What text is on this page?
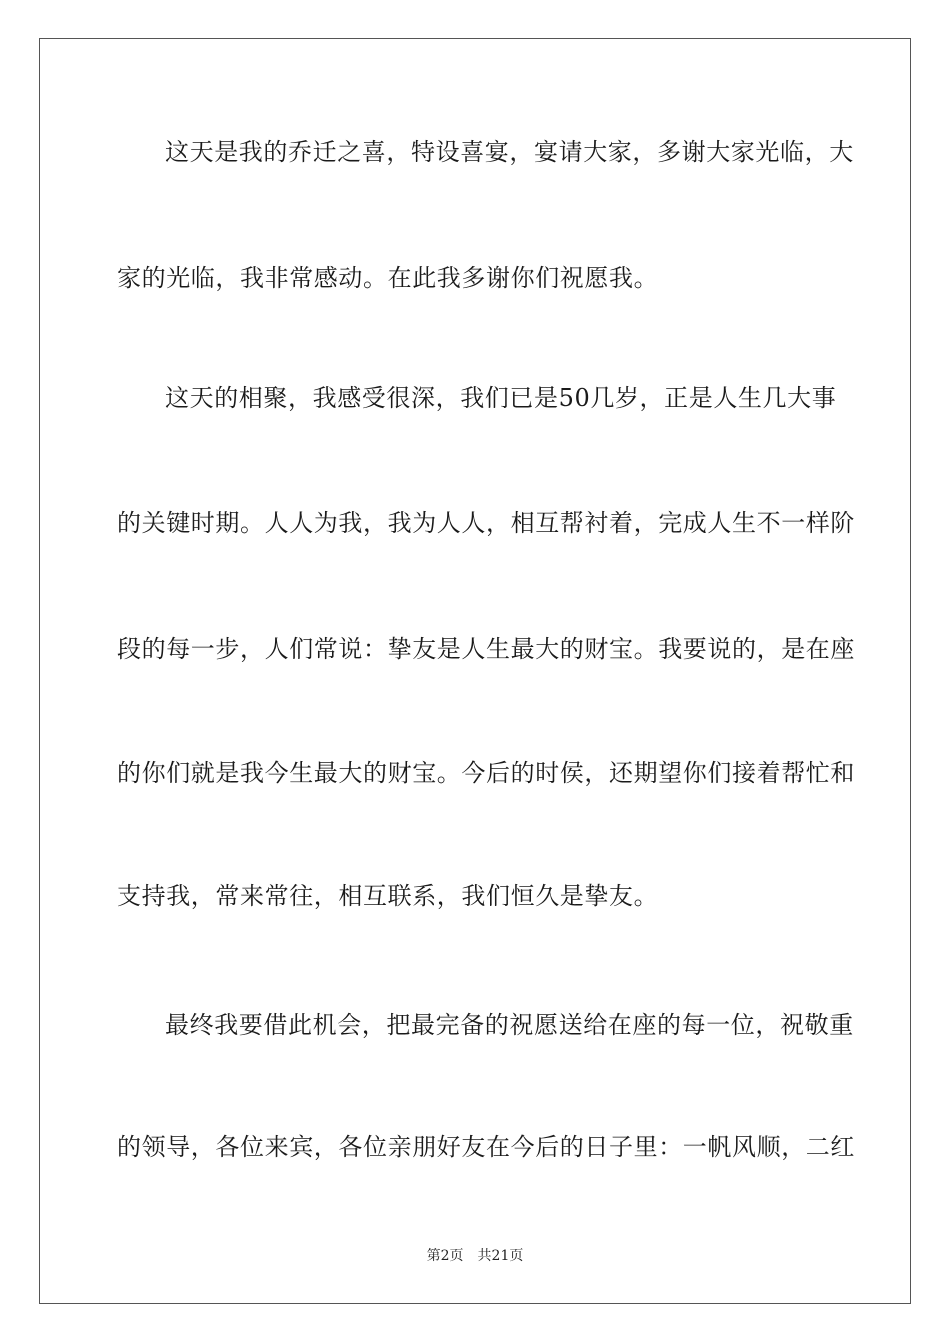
这天是我的乔迁之喜，特设喜宴，宴请大家，多谢大家光临，大
家的光临，我非常感动。在此我多谢你们祝愿我。
这天的相聚，我感受很深，我们已是50几岁，正是人生几大事
的关键时期。人人为我，我为人人，相互帮衬着，完成人生不一样阶
段的每一步，人们常说：挚友是人生最大的财宝。我要说的，是在座
的你们就是我今生最大的财宝。今后的时侯，还期望你们接着帮忙和
支持我，常来常往，相互联系，我们恒久是挚友。
最终我要借此机会，把最完备的祝愿送给在座的每一位，祝敬重
的领导，各位来宾，各位亲朋好友在今后的日子里：一帆风顺，二红
第2页 共21页
